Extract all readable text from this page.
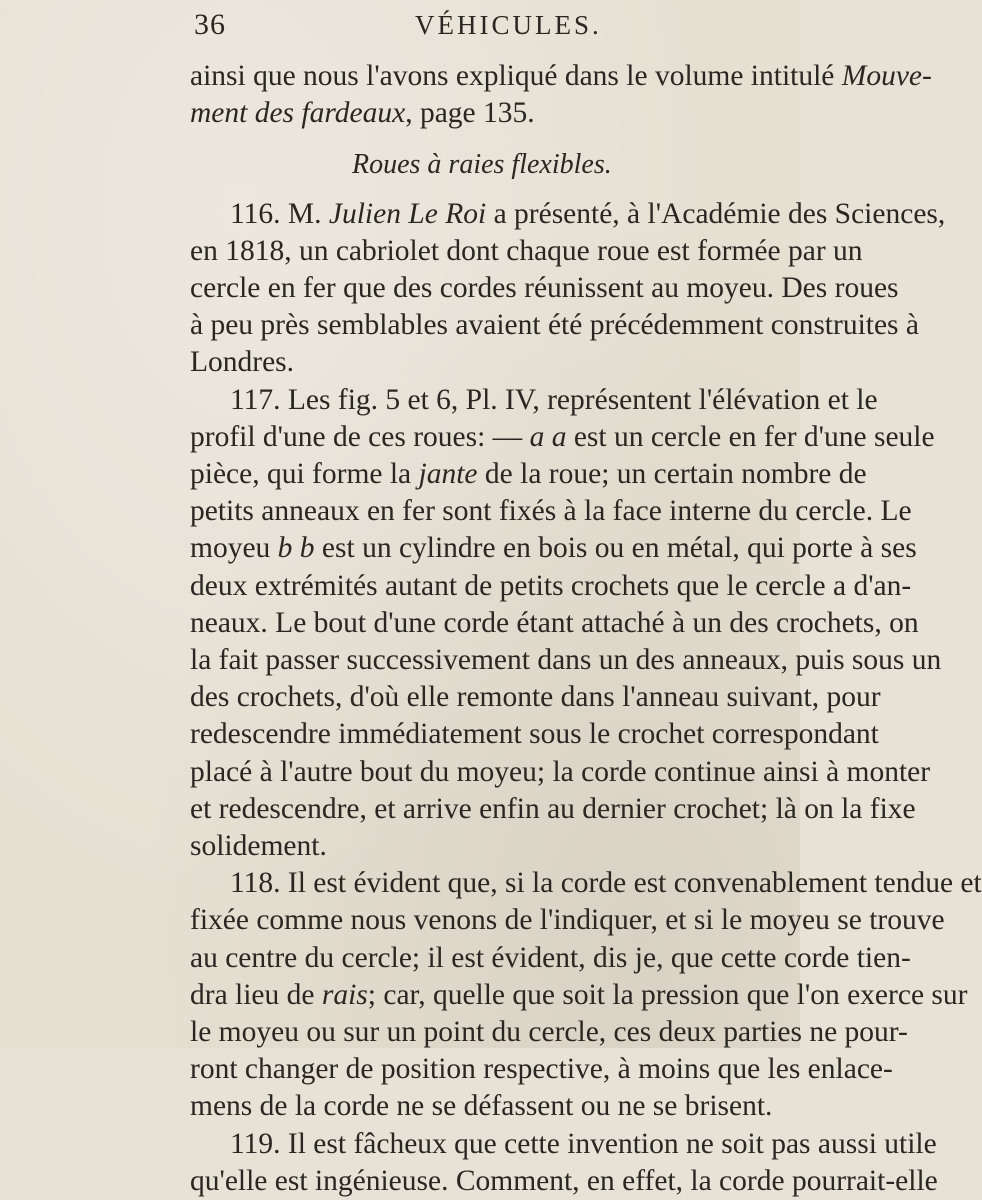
36	VÉHICULES.
ainsi que nous l'avons expliqué dans le volume intitulé Mouve-
ment des fardeaux, page 135.
Roues à raies flexibles.
116. M. Julien Le Roi a présenté, à l'Académie des Sciences,
en 1818, un cabriolet dont chaque roue est formée par un
cercle en fer que des cordes réunissent au moyeu. Des roues
à peu près semblables avaient été précédemment construites à
Londres.
117. Les fig. 5 et 6, Pl. IV, représentent l'élévation et le
profil d'une de ces roues: — a a est un cercle en fer d'une seule
pièce, qui forme la jante de la roue; un certain nombre de
petits anneaux en fer sont fixés à la face interne du cercle. Le
moyeu b b est un cylindre en bois ou en métal, qui porte à ses
deux extrémités autant de petits crochets que le cercle a d'an-
neaux. Le bout d'une corde étant attaché à un des crochets, on
la fait passer successivement dans un des anneaux, puis sous un
des crochets, d'où elle remonte dans l'anneau suivant, pour
redescendre immédiatement sous le crochet correspondant
placé à l'autre bout du moyeu; la corde continue ainsi à monter
et redescendre, et arrive enfin au dernier crochet; là on la fixe
solidement.
118. Il est évident que, si la corde est convenablement tendue et
fixée comme nous venons de l'indiquer, et si le moyeu se trouve
au centre du cercle; il est évident, dis je, que cette corde tien-
dra lieu de rais; car, quelle que soit la pression que l'on exerce sur
le moyeu ou sur un point du cercle, ces deux parties ne pour-
ront changer de position respective, à moins que les enlace-
mens de la corde ne se défassent ou ne se brisent.
119. Il est fâcheux que cette invention ne soit pas aussi utile
qu'elle est ingénieuse. Comment, en effet, la corde pourrait-elle
